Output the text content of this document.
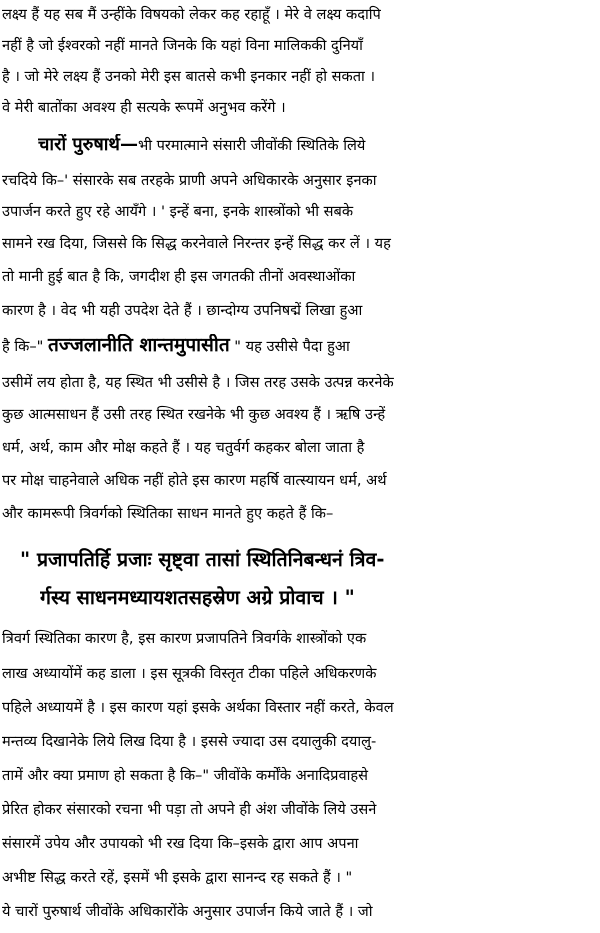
लक्ष्य हैं यह सब मैं उन्हींके विषयको लेकर कह रहाहूँ । मेरे वे लक्ष्य कदापि
नहीं है जो ईश्वरको नहीं मानते जिनके कि यहां विना मालिककी दुनियाँ
है । जो मेरे लक्ष्य हैं उनको मेरी इस बातसे कभी इनकार नहीं हो सकता ।
वे मेरी बातोंका अवश्य ही सत्यके रूपमें अनुभव करेंगे ।
चारों पुरुषार्थ—भी परमात्माने संसारी जीवोंकी स्थितिके लिये
रचदिये कि–' संसारके सब तरहके प्राणी अपने अधिकारके अनुसार इनका
उपार्जन करते हुए रहे आयँगे । ' इन्हें बना, इनके शास्त्रोंको भी सबके
सामने रख दिया, जिससे कि सिद्ध करनेवाले निरन्तर इन्हें सिद्ध कर लें । यह
तो मानी हुई बात है कि, जगदीश ही इस जगतकी तीनों अवस्थाओंका
कारण है । वेद भी यही उपदेश देते हैं । छान्दोग्य उपनिषद्में लिखा हुआ
है कि–" तज्जलानीति शान्तमुपासीत " यह उसीसे पैदा हुआ
उसीमें लय होता है, यह स्थित भी उसीसे है । जिस तरह उसके उत्पन्न करनेके
कुछ आत्मसाधन हैं उसी तरह स्थित रखनेके भी कुछ अवश्य हैं । ऋषि उन्हें
धर्म, अर्थ, काम और मोक्ष कहते हैं । यह चतुर्वर्ग कहकर बोला जाता है
पर मोक्ष चाहनेवाले अधिक नहीं होते इस कारण महर्षि वात्स्यायन धर्म, अर्थ
और कामरूपी त्रिवर्गको स्थितिका साधन मानते हुए कहते हैं कि–
" प्रजापतिर्हि प्रजाः सृष्ट्वा तासां स्थितिनिबन्धनं त्रिव-
र्गस्य साधनमध्यायशतसहस्रेण अग्रे प्रोवाच । "
त्रिवर्ग स्थितिका कारण है, इस कारण प्रजापतिने त्रिवर्गके शास्त्रोंको एक
लाख अध्यायोंमें कह डाला । इस सूत्रकी विस्तृत टीका पहिले अधिकरणके
पहिले अध्यायमें है । इस कारण यहां इसके अर्थका विस्तार नहीं करते, केवल
मन्तव्य दिखानेके लिये लिख दिया है । इससे ज्यादा उस दयालुकी दयालु-
तामें और क्या प्रमाण हो सकता है कि–" जीवोंके कर्मोंके अनादिप्रवाहसे
प्रेरित होकर संसारको रचना भी पड़ा तो अपने ही अंश जीवोंके लिये उसने
संसारमें उपेय और उपायको भी रख दिया कि–इसके द्वारा आप अपना
अभीष्ट सिद्ध करते रहें, इसमें भी इसके द्वारा सानन्द रह सकते हैं । "
ये चारों पुरुषार्थ जीवोंके अधिकारोंके अनुसार उपार्जन किये जाते हैं । जो
